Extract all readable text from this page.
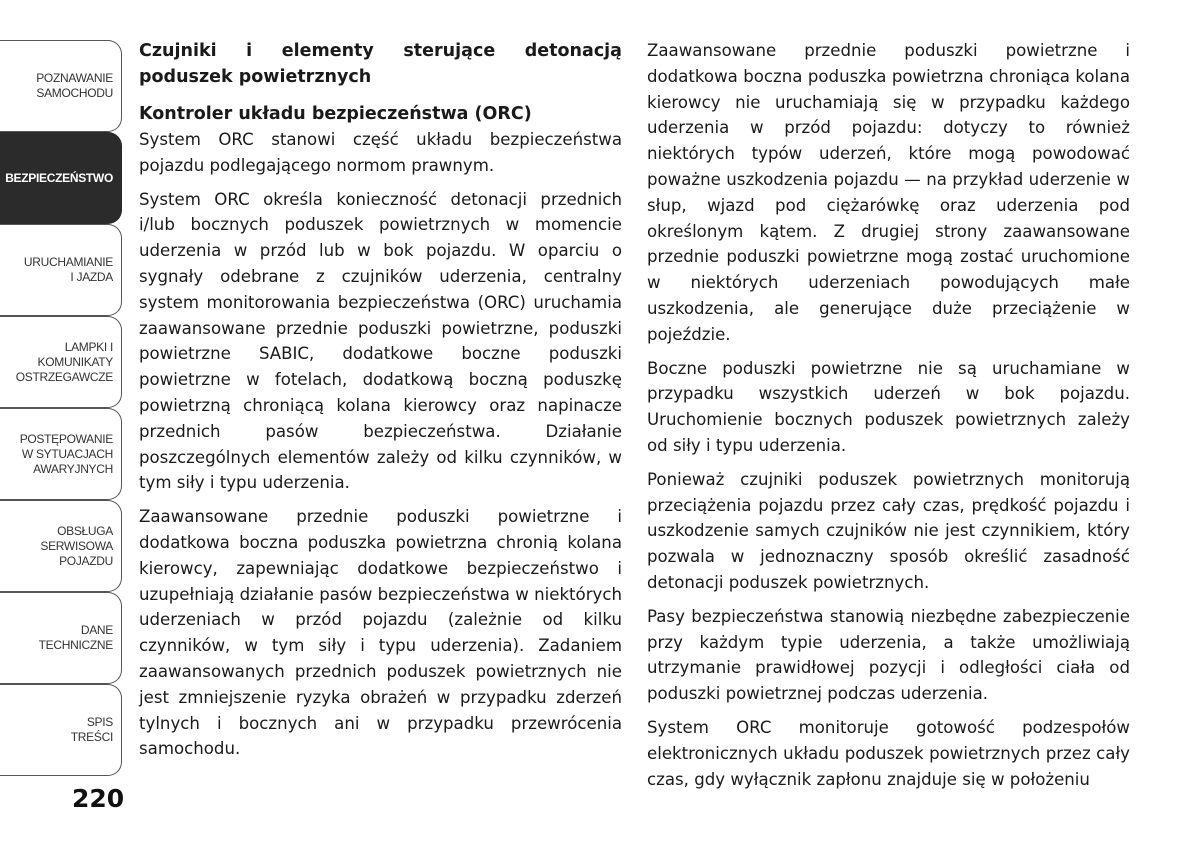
POZNAWANIE
SAMOCHODU
BEZPIECZEŃSTWO
URUCHAMIANIE
I JAZDA
LAMPKI I
KOMUNIKATY
OSTRZEGAWCZE
POSTĘPOWANIE
W SYTUACJACH
AWARYJNYCH
OBSŁUGA
SERWISOWA
POJAZDU
DANE
TECHNICZNE
SPIS
TREŚCI
220

Czujniki i elementy sterujące detonacją poduszek powietrznych

Kontroler układu bezpieczeństwa (ORC)

System ORC stanowi część układu bezpieczeństwa pojazdu podlegającego normom prawnym.

System ORC określa konieczność detonacji przednich i/lub bocznych poduszek powietrznych w momencie uderzenia w przód lub w bok pojazdu. W oparciu o sygnały odebrane z czujników uderzenia, centralny system monitorowania bezpieczeństwa (ORC) uruchamia zaawansowane przednie poduszki powietrzne, poduszki powietrzne SABIC, dodatkowe boczne poduszki powietrzne w fotelach, dodatkową boczną poduszkę powietrzną chroniącą kolana kierowcy oraz napinacze przednich pasów bezpieczeństwa. Działanie poszczególnych elementów zależy od kilku czynników, w tym siły i typu uderzenia.

Zaawansowane przednie poduszki powietrzne i dodatkowa boczna poduszka powietrzna chronią kolana kierowcy, zapewniając dodatkowe bezpieczeństwo i uzupełniają działanie pasów bezpieczeństwa w niektórych uderzeniach w przód pojazdu (zależnie od kilku czynników, w tym siły i typu uderzenia). Zadaniem zaawansowanych przednich poduszek powietrznych nie jest zmniejszenie ryzyka obrażeń w przypadku zderzeń tylnych i bocznych ani w przypadku przewrócenia samochodu.

Zaawansowane przednie poduszki powietrzne i dodatkowa boczna poduszka powietrzna chroniąca kolana kierowcy nie uruchamiają się w przypadku każdego uderzenia w przód pojazdu: dotyczy to również niektórych typów uderzeń, które mogą powodować poważne uszkodzenia pojazdu — na przykład uderzenie w słup, wjazd pod ciężarówkę oraz uderzenia pod określonym kątem. Z drugiej strony zaawansowane przednie poduszki powietrzne mogą zostać uruchomione w niektórych uderzeniach powodujących małe uszkodzenia, ale generujące duże przeciążenie w pojeździe.

Boczne poduszki powietrzne nie są uruchamiane w przypadku wszystkich uderzeń w bok pojazdu. Uruchomienie bocznych poduszek powietrznych zależy od siły i typu uderzenia.

Ponieważ czujniki poduszek powietrznych monitorują przeciążenia pojazdu przez cały czas, prędkość pojazdu i uszkodzenie samych czujników nie jest czynnikiem, który pozwala w jednoznaczny sposób określić zasadność detonacji poduszek powietrznych.

Pasy bezpieczeństwa stanowią niezbędne zabezpieczenie przy każdym typie uderzenia, a także umożliwiają utrzymanie prawidłowej pozycji i odległości ciała od poduszki powietrznej podczas uderzenia.

System ORC monitoruje gotowość podzespołów elektronicznych układu poduszek powietrznych przez cały czas, gdy wyłącznik zapłonu znajduje się w położeniu
